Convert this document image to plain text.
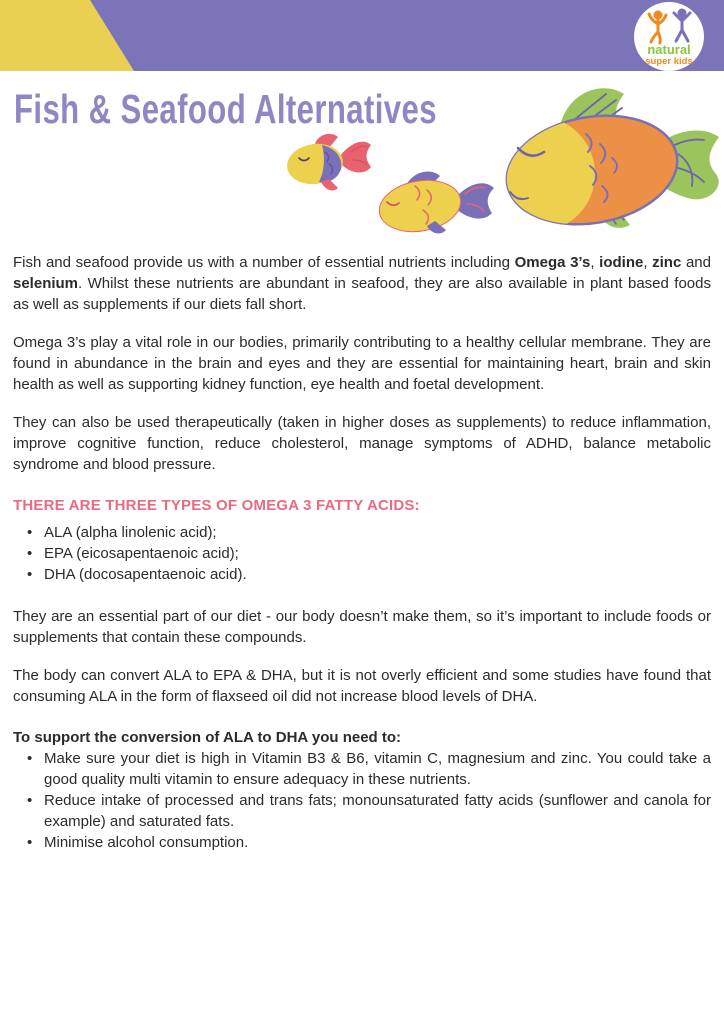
natural
super kids
Fish & Seafood Alternatives

Fish and seafood provide us with a number of essential nutrients including Omega 3’s, iodine, zinc and selenium. Whilst these nutrients are abundant in seafood, they are also available in plant based foods as well as supplements if our diets fall short.

Omega 3’s play a vital role in our bodies, primarily contributing to a healthy cellular membrane. They are found in abundance in the brain and eyes and they are essential for maintaining heart, brain and skin health as well as supporting kidney function, eye health and foetal development.

They can also be used therapeutically (taken in higher doses as supplements) to reduce inflammation, improve cognitive function, reduce cholesterol, manage symptoms of ADHD, balance metabolic syndrome and blood pressure.

THERE ARE THREE TYPES OF OMEGA 3 FATTY ACIDS:
• ALA (alpha linolenic acid);
• EPA (eicosapentaenoic acid);
• DHA (docosapentaenoic acid).

They are an essential part of our diet - our body doesn’t make them, so it’s important to include foods or supplements that contain these compounds.

The body can convert ALA to EPA & DHA, but it is not overly efficient and some studies have found that consuming ALA in the form of flaxseed oil did not increase blood levels of DHA.

To support the conversion of ALA to DHA you need to:
• Make sure your diet is high in Vitamin B3 & B6, vitamin C, magnesium and zinc. You could take a good quality multi vitamin to ensure adequacy in these nutrients.
• Reduce intake of processed and trans fats; monounsaturated fatty acids (sunflower and canola for example) and saturated fats.
• Minimise alcohol consumption.
